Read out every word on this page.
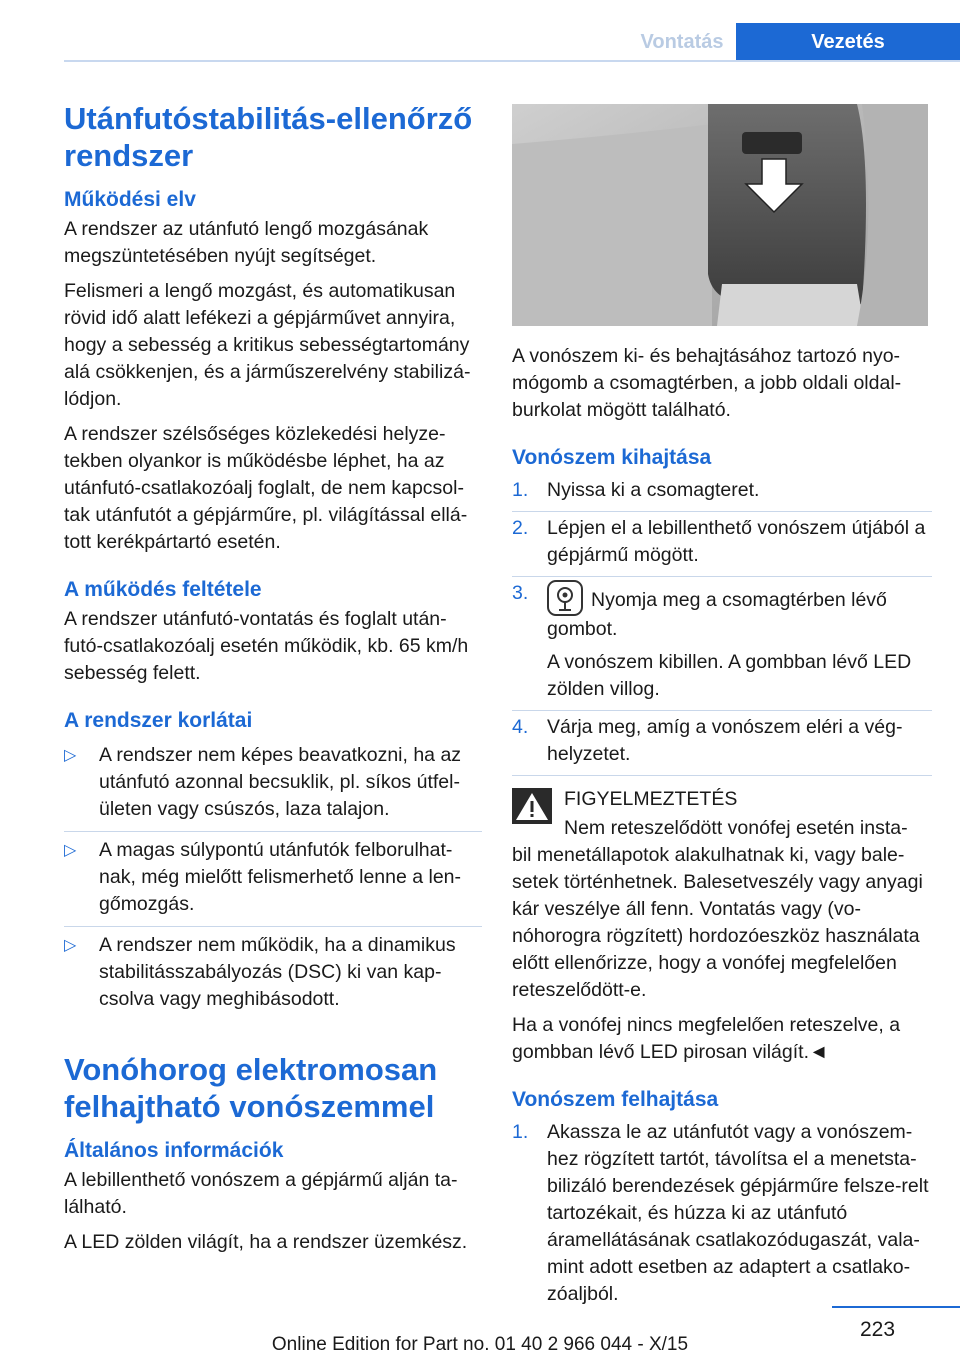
Vontatás	Vezetés
Utánfutóstabilitás-ellenőrző rendszer
Működési elv

A rendszer az utánfutó lengő mozgásának megszüntetésében nyújt segítséget.

Felismeri a lengő mozgást, és automatikusan rövid idő alatt lefékezi a gépjárművet annyira, hogy a sebesség a kritikus sebességtartomány alá csökkenjen, és a járműszerelvény stabilizá-lódjon.

A rendszer szélsőséges közlekedési helyze-tekben olyankor is működésbe léphet, ha az utánfutó-csatlakozóalj foglalt, de nem kapcsol-tak utánfutót a gépjárműre, pl. világítással ellá-tott kerékpártartó esetén.

A működés feltétele

A rendszer utánfutó-vontatás és foglalt után-futó-csatlakozóalj esetén működik, kb. 65 km/h sebesség felett.

A rendszer korlátai
▷ A rendszer nem képes beavatkozni, ha az utánfutó azonnal becsuklik, pl. síkos útfel-ületen vagy csúszós, laza talajon.
▷ A magas súlypontú utánfutók felborulhat-nak, még mielőtt felismerhető lenne a len-gőmozgás.
▷ A rendszer nem működik, ha a dinamikus stabilitásszabályozás (DSC) ki van kap-csolva vagy meghibásodott.
Vonóhorog elektromosan felhajtható vonószemmel
Általános információk

A lebillenthető vonószem a gépjármű alján ta-lálható.

A LED zölden világít, ha a rendszer üzemkész.

A vonószem ki- és behajtásához tartozó nyo-mógomb a csomagtérben, a jobb oldali oldal-burkolat mögött található.

Vonószem kihajtása
1. Nyissa ki a csomagteret.
2. Lépjen el a lebillenthető vonószem útjából a gépjármű mögött.
3.	Nyomja meg a csomagtérben lévő gombot.

A vonószem kibillen. A gombban lévő LED zölden villog.

4. Várja meg, amíg a vonószem eléri a vég-helyzetet.
FIGYELMEZTETÉS

Nem reteszelődött vonófej esetén insta- bil menetállapotok alakulhatnak ki, vagy bale-setek történhetnek. Balesetveszély vagy anyagi kár veszélye áll fenn. Vontatás vagy (vo-nóhorogra rögzített) hordozóeszköz használata előtt ellenőrizze, hogy a vonófej megfelelően reteszelődött-e.

Ha a vonófej nincs megfelelően reteszelve, a gombban lévő LED pirosan világít.◄

Vonószem felhajtása
1. Akassza le az utánfutót vagy a vonószem-hez rögzített tartót, távolítsa el a menetsta-bilizáló berendezések gépjárműre felsze-relt tartozékait, és húzza ki az utánfutó áramellátásának csatlakozódugaszát, vala-mint adott esetben az adaptert a csatlako-zóaljból.
223
Online Edition for Part no. 01 40 2 966 044 - X/15
